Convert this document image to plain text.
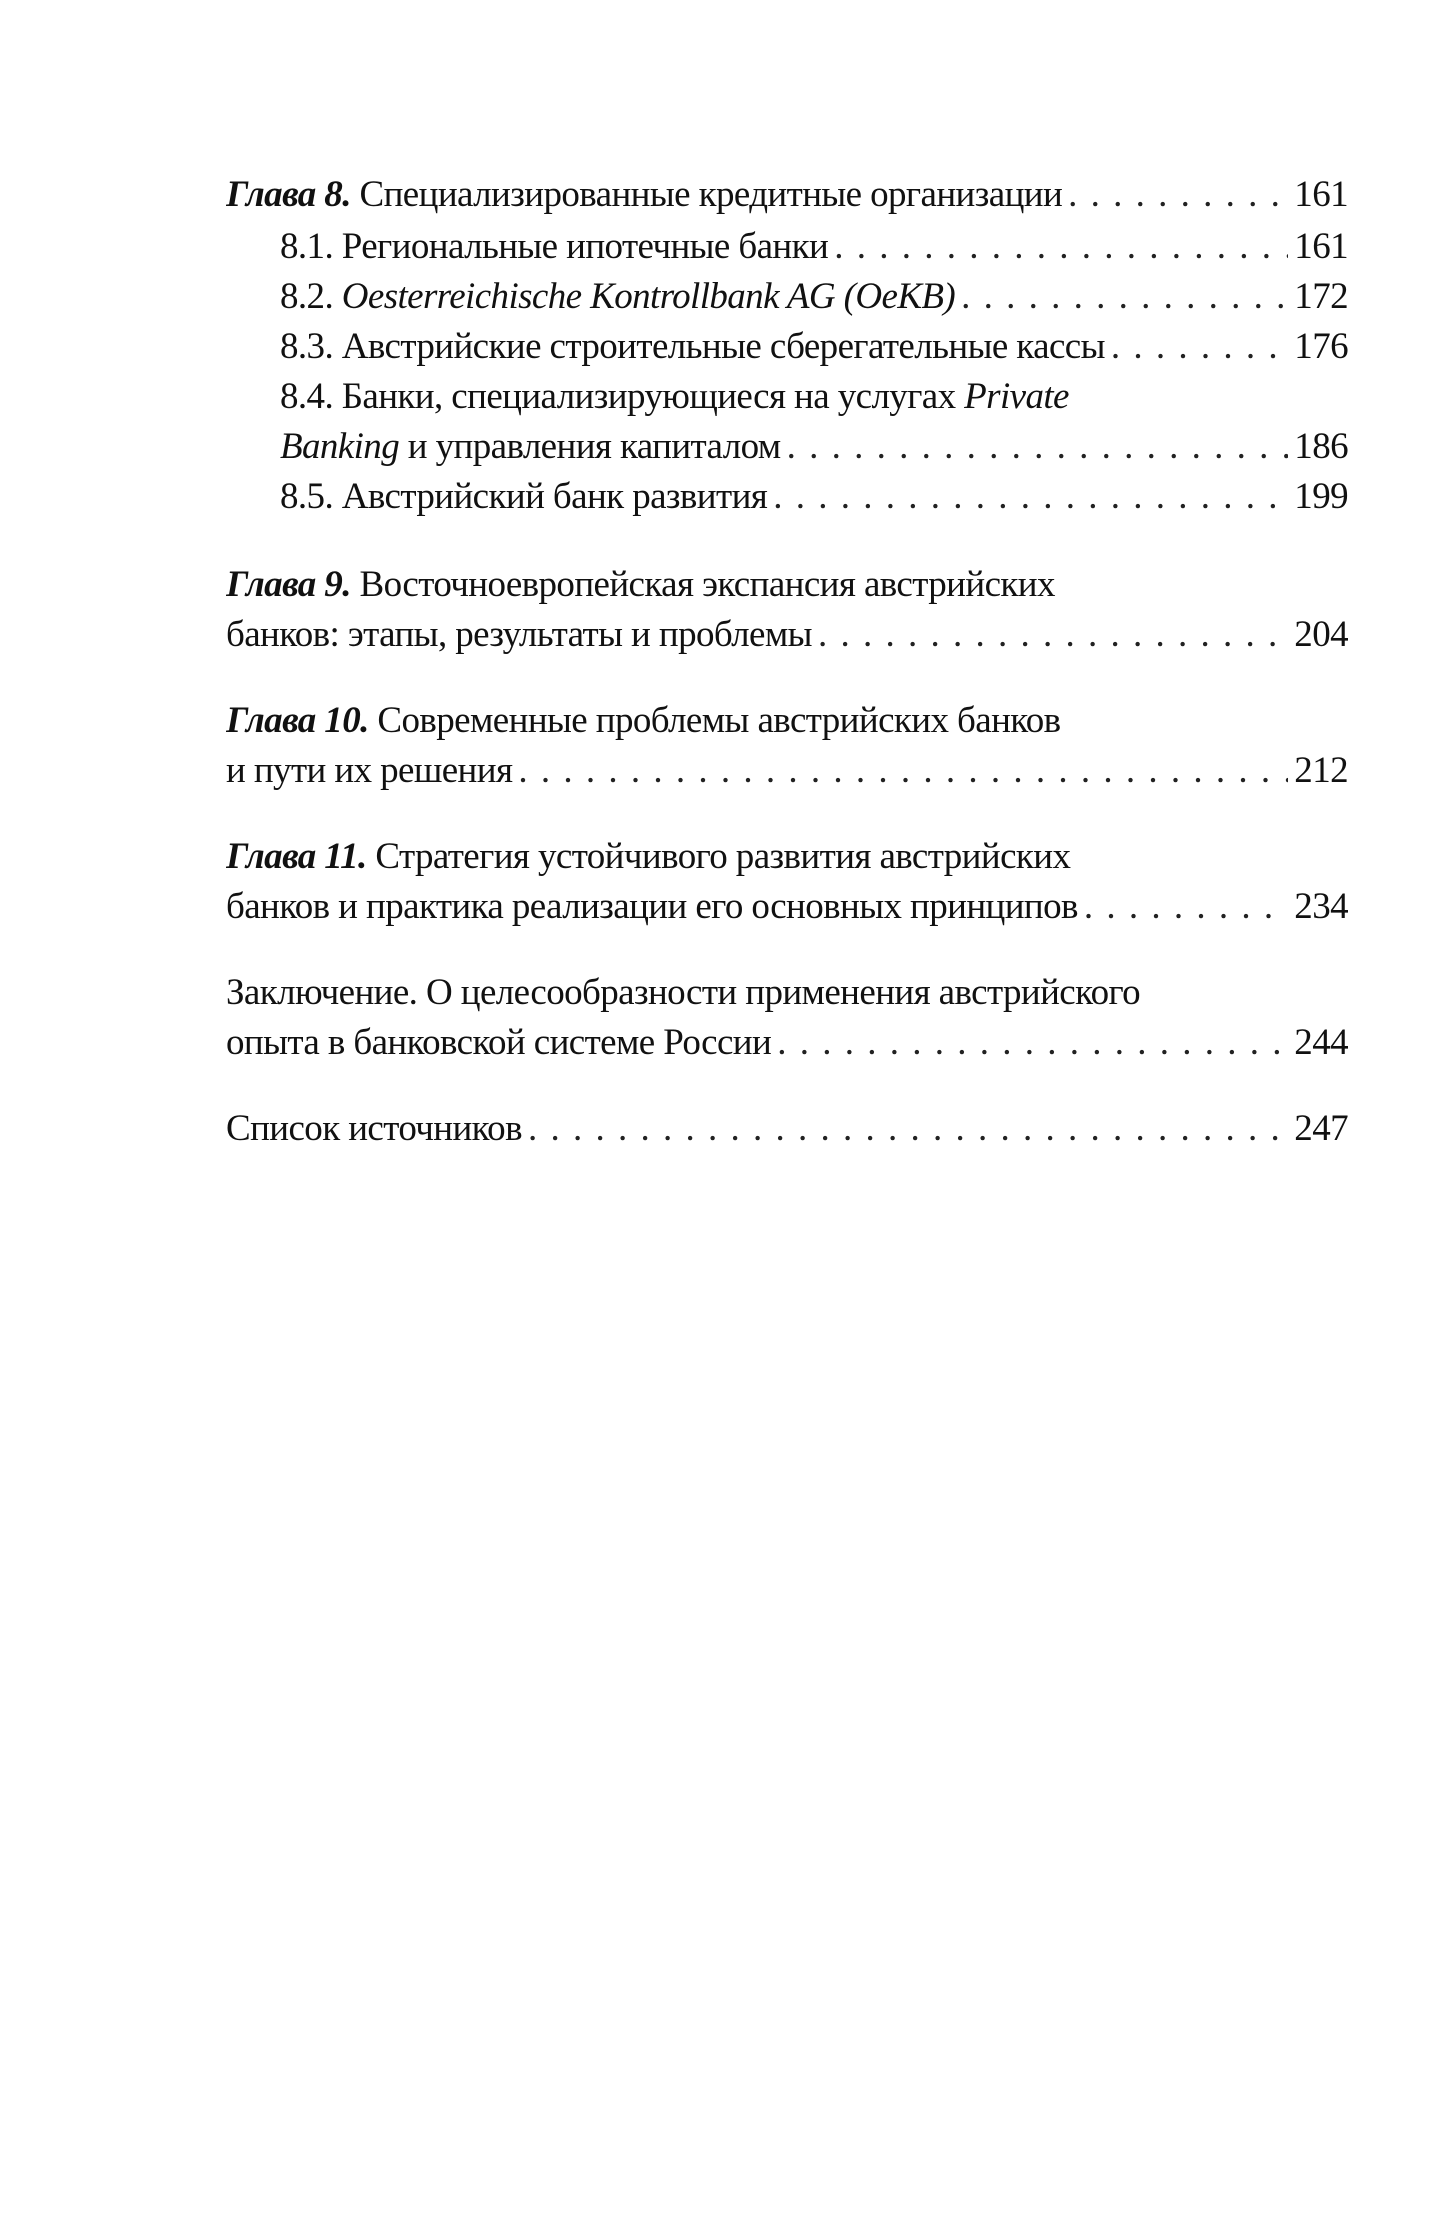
Глава 8. Специализированные кредитные организации . . .	161
8.1. Региональные ипотечные банки . . .	161
8.2. Oesterreichische Kontrollbank AG (OeKB) . . .	172
8.3. Австрийские строительные сберегательные кассы . . .	176
8.4. Банки, специализирующиеся на услугах Private
Banking и управления капиталом . . .	186
8.5. Австрийский банк развития . . .	199
Глава 9. Восточноевропейская экспансия австрийских
банков: этапы, результаты и проблемы . . .	204
Глава 10. Современные проблемы австрийских банков
и пути их решения . . .	212
Глава 11. Стратегия устойчивого развития австрийских
банков и практика реализации его основных принципов . . .	234
Заключение. О целесообразности применения австрийского
опыта в банковской системе России . . .	244
Список источников . . .	247
